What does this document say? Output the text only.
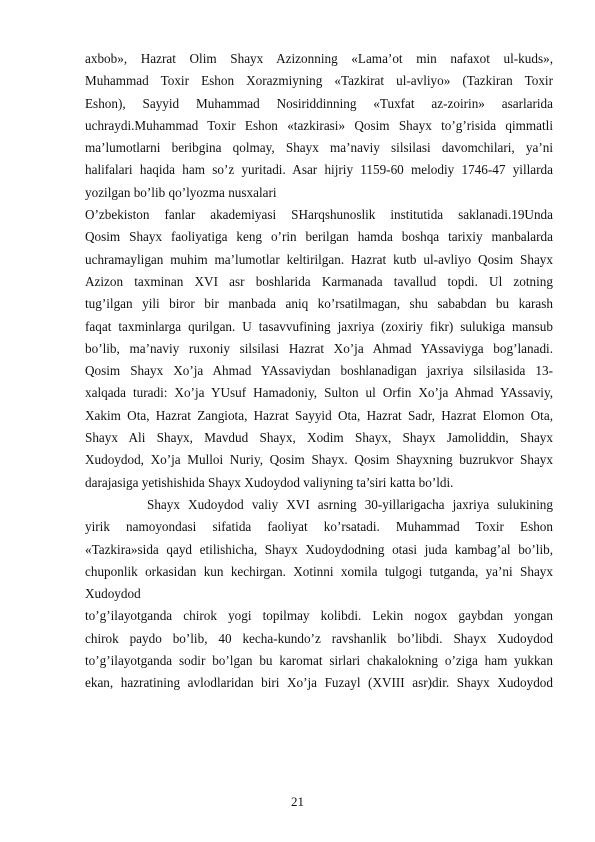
axbob», Hazrat Olim Shayx Azizonning «Lama’ot min nafaxot ul-kuds»,
Muhammad Toxir Eshon Xorazmiyning «Tazkirat ul-avliyo» (Tazkiran Toxir
Eshon), Sayyid Muhammad Nosiriddinning «Tuxfat az-zoirin» asarlarida
uchraydi.Muhammad Toxir Eshon «tazkirasi» Qosim Shayx to’g’risida qimmatli
ma’lumotlarni beribgina qolmay, Shayx ma’naviy silsilasi davomchilari, ya’ni
halifalari haqida ham so’z yuritadi. Asar hijriy 1159-60 melodiy 1746-47 yillarda
yozilgan bo’lib qo’lyozma nusxalari
O’zbekiston fanlar akademiyasi SHarqshunoslik institutida saklanadi.19Unda
Qosim Shayx faoliyatiga keng o’rin berilgan hamda boshqa tarixiy manbalarda
uchramayligan muhim ma’lumotlar keltirilgan. Hazrat kutb ul-avliyo Qosim Shayx
Azizon taxminan XVI asr boshlarida Karmanada tavallud topdi. Ul zotning
tug’ilgan yili biror bir manbada aniq ko’rsatilmagan, shu sababdan bu karash
faqat taxminlarga qurilgan. U tasavvufining jaxriya (zoxiriy fikr) sulukiga mansub
bo’lib, ma’naviy ruxoniy silsilasi Hazrat Xo’ja Ahmad YAssaviyga bog’lanadi.
Qosim Shayx Xo’ja Ahmad YAssaviydan boshlanadigan jaxriya silsilasida 13-
xalqada turadi: Xo’ja YUsuf Hamadoniy, Sulton ul Orfin Xo’ja Ahmad YAssaviy,
Xakim Ota, Hazrat Zangiota, Hazrat Sayyid Ota, Hazrat Sadr, Hazrat Elomon Ota,
Shayx Ali Shayx, Mavdud Shayx, Xodim Shayx, Shayx Jamoliddin, Shayx
Xudoydod, Xo’ja Mulloi Nuriy, Qosim Shayx. Qosim Shayxning buzrukvor Shayx
darajasiga yetishishida Shayx Xudoydod valiyning ta’siri katta bo’ldi.
Shayx Xudoydod valiy XVI asrning 30-yillarigacha jaxriya sulukining
yirik namoyondasi sifatida faoliyat ko’rsatadi. Muhammad Toxir Eshon
«Tazkira»sida qayd etilishicha, Shayx Xudoydodning otasi juda kambag’al bo’lib,
chuponlik orkasidan kun kechirgan. Xotinni xomila tulgogi tutganda, ya’ni Shayx
Xudoydod
to’g’ilayotganda chirok yogi topilmay kolibdi. Lekin nogox gaybdan yongan
chirok paydo bo’lib, 40 kecha-kundo’z ravshanlik bo’libdi. Shayx Xudoydod
to’g’ilayotganda sodir bo’lgan bu karomat sirlari chakalokning o’ziga ham yukkan
ekan, hazratining avlodlaridan biri Xo’ja Fuzayl (XVIII asr)dir. Shayx Xudoydod
21
